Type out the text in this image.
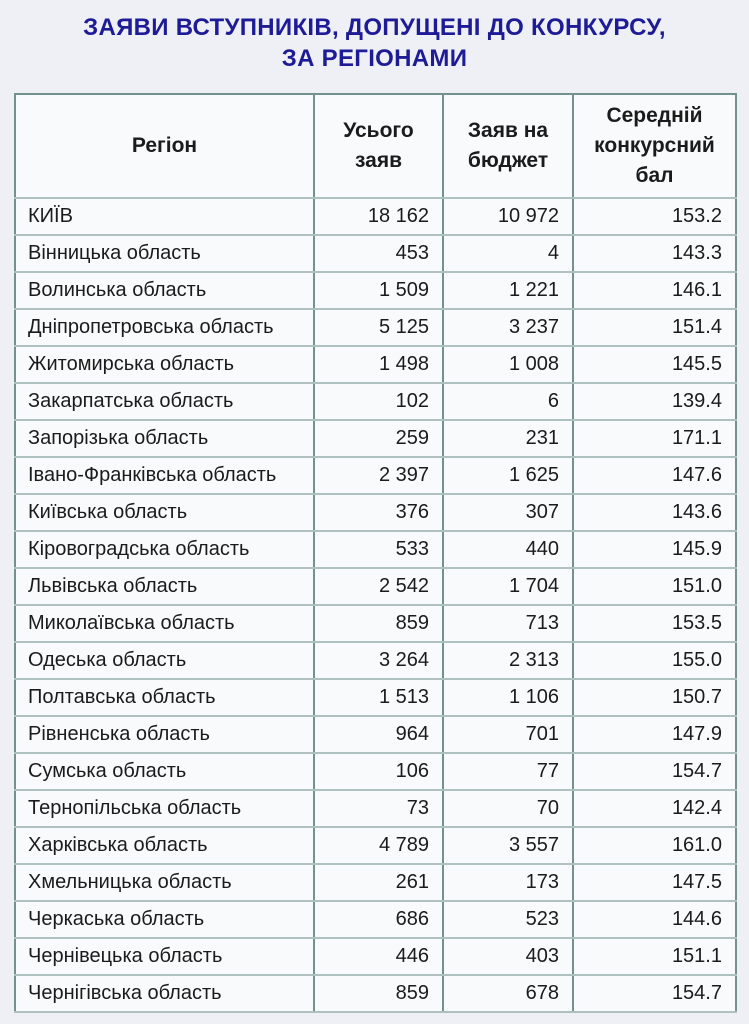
ЗАЯВИ ВСТУПНИКІВ, ДОПУЩЕНІ ДО КОНКУРСУ,
ЗА РЕГІОНАМИ
Регіон	Усього заяв	Заяв на бюджет	Середній конкурсний бал
КИЇВ	18 162	10 972	153.2
Вінницька область	453	4	143.3
Волинська область	1 509	1 221	146.1
Дніпропетровська область	5 125	3 237	151.4
Житомирська область	1 498	1 008	145.5
Закарпатська область	102	6	139.4
Запорізька область	259	231	171.1
Івано-Франківська область	2 397	1 625	147.6
Київська область	376	307	143.6
Кіровоградська область	533	440	145.9
Львівська область	2 542	1 704	151.0
Миколаївська область	859	713	153.5
Одеська область	3 264	2 313	155.0
Полтавська область	1 513	1 106	150.7
Рівненська область	964	701	147.9
Сумська область	106	77	154.7
Тернопільська область	73	70	142.4
Харківська область	4 789	3 557	161.0
Хмельницька область	261	173	147.5
Черкаська область	686	523	144.6
Чернівецька область	446	403	151.1
Чернігівська область	859	678	154.7
